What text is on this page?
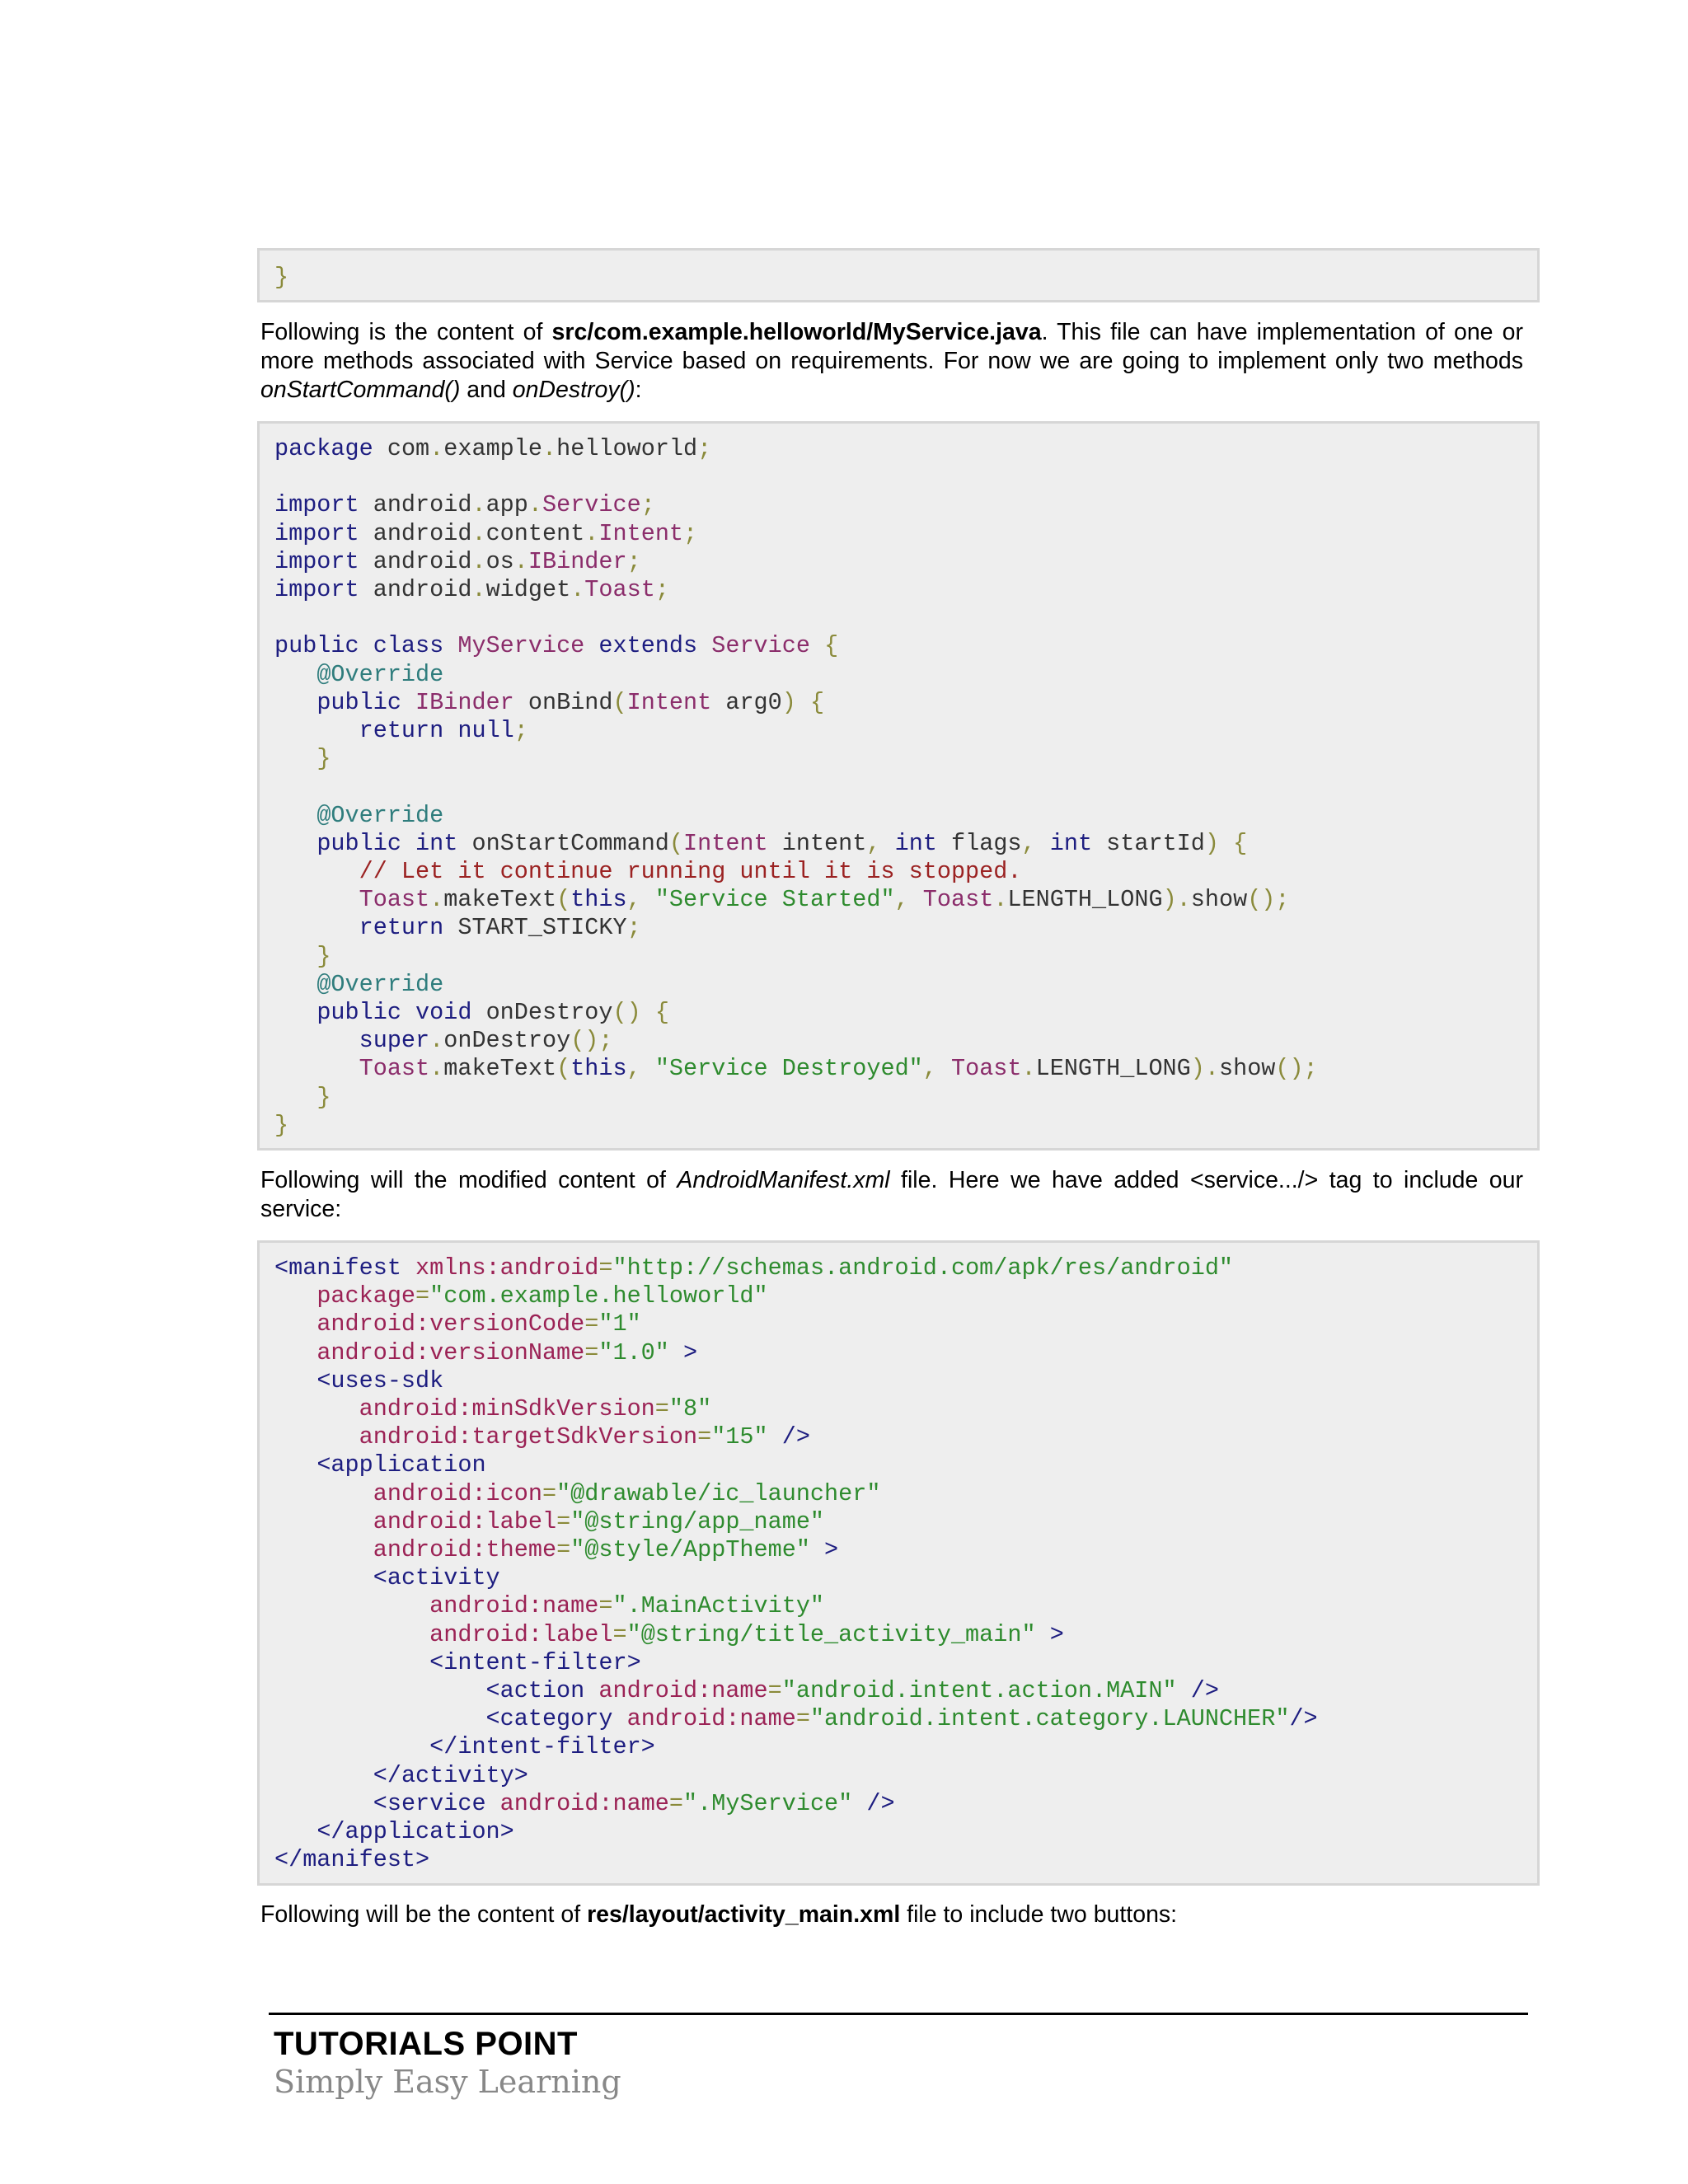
}

Following is the content of src/com.example.helloworld/MyService.java. This file can have implementation of one or more methods associated with Service based on requirements. For now we are going to implement only two methods onStartCommand() and onDestroy():

package com.example.helloworld;

import android.app.Service;
import android.content.Intent;
import android.os.IBinder;
import android.widget.Toast;

public class MyService extends Service {
@Override
public IBinder onBind(Intent arg0) {
return null;
}

@Override
public int onStartCommand(Intent intent, int flags, int startId) {
// Let it continue running until it is stopped.
Toast.makeText(this, "Service Started", Toast.LENGTH_LONG).show();
return START_STICKY;
}
@Override
public void onDestroy() {
super.onDestroy();
Toast.makeText(this, "Service Destroyed", Toast.LENGTH_LONG).show();
}
}

Following will the modified content of AndroidManifest.xml file. Here we have added <service.../> tag to include our service:

<manifest xmlns:android="http://schemas.android.com/apk/res/android"
package="com.example.helloworld"
android:versionCode="1"
android:versionName="1.0" >
<uses-sdk
android:minSdkVersion="8"
android:targetSdkVersion="15" />
<application
android:icon="@drawable/ic_launcher"
android:label="@string/app_name"
android:theme="@style/AppTheme" >
<activity
android:name=".MainActivity"
android:label="@string/title_activity_main" >
<intent-filter>
<action android:name="android.intent.action.MAIN" />
<category android:name="android.intent.category.LAUNCHER"/>
</intent-filter>
</activity>
<service android:name=".MyService" />
</application>
</manifest>

Following will be the content of res/layout/activity_main.xml file to include two buttons:

TUTORIALS POINT
Simply Easy Learning
